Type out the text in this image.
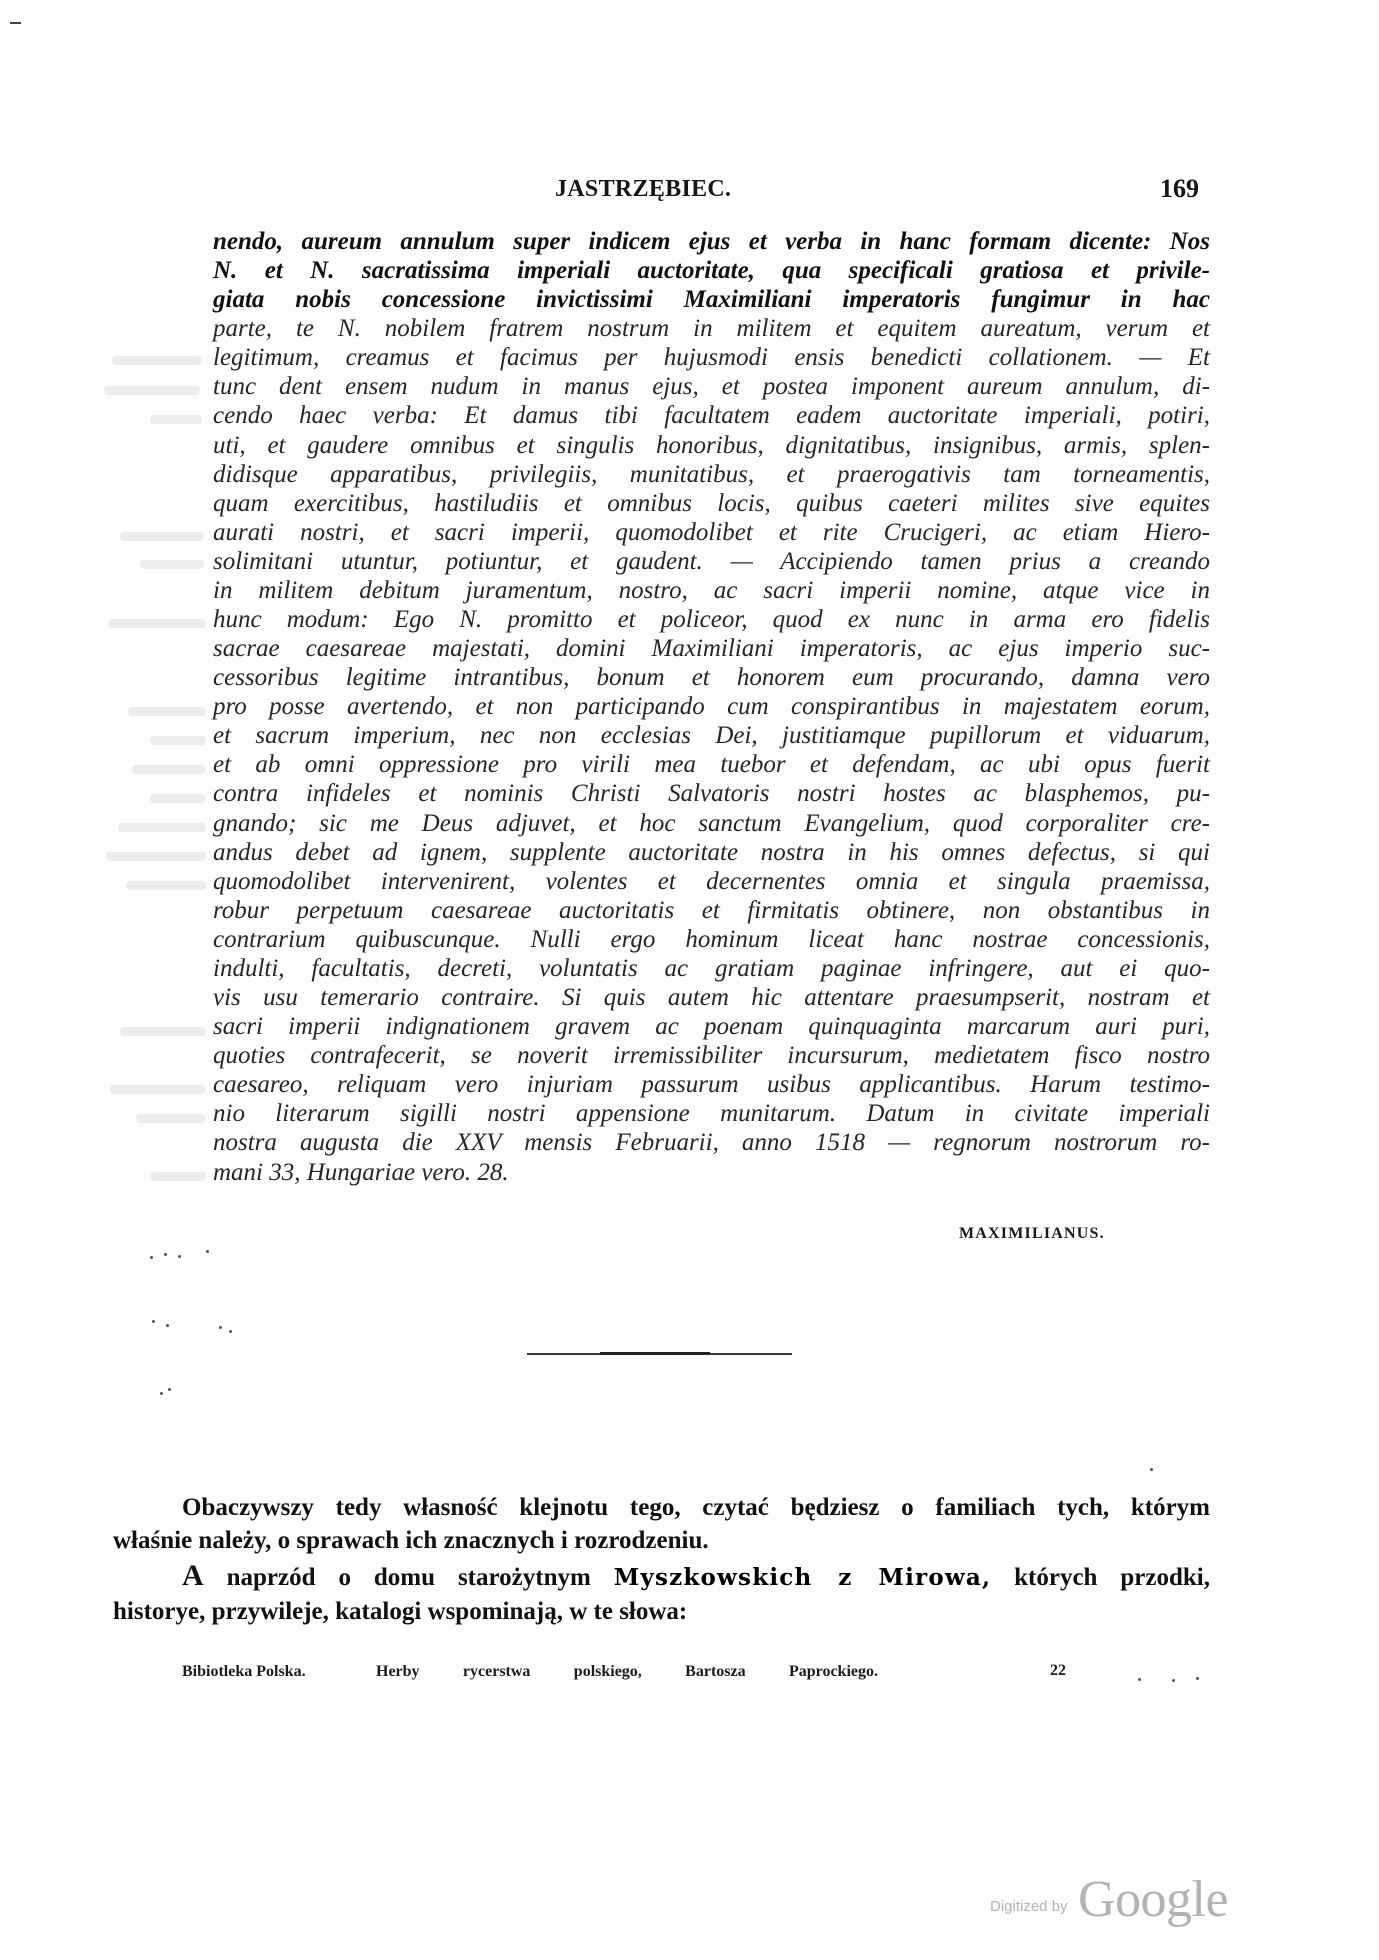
JASTRZĘBIEC.	169
nendo, aureum annulum super indicem ejus et verba in hanc formam dicente: Nos
N. et N. sacratissima imperiali auctoritate, qua specificali gratiosa et privile-
giata nobis concessione invictissimi Maximiliani imperatoris fungimur in hac
parte, te N. nobilem fratrem nostrum in militem et equitem aureatum, verum et
legitimum, creamus et facimus per hujusmodi ensis benedicti collationem. — Et
tunc dent ensem nudum in manus ejus, et postea imponent aureum annulum, di-
cendo haec verba: Et damus tibi facultatem eadem auctoritate imperiali, potiri,
uti, et gaudere omnibus et singulis honoribus, dignitatibus, insignibus, armis, splen-
didisque apparatibus, privilegiis, munitatibus, et praerogativis tam torneamentis,
quam exercitibus, hastiludiis et omnibus locis, quibus caeteri milites sive equites
aurati nostri, et sacri imperii, quomodolibet et rite Crucigeri, ac etiam Hiero-
solimitani utuntur, potiuntur, et gaudent. — Accipiendo tamen prius a creando
in militem debitum juramentum, nostro, ac sacri imperii nomine, atque vice in
hunc modum: Ego N. promitto et policeor, quod ex nunc in arma ero fidelis
sacrae caesareae majestati, domini Maximiliani imperatoris, ac ejus imperio suc-
cessoribus legitime intrantibus, bonum et honorem eum procurando, damna vero
pro posse avertendo, et non participando cum conspirantibus in majestatem eorum,
et sacrum imperium, nec non ecclesias Dei, justitiamque pupillorum et viduarum,
et ab omni oppressione pro virili mea tuebor et defendam, ac ubi opus fuerit
contra infideles et nominis Christi Salvatoris nostri hostes ac blasphemos, pu-
gnando; sic me Deus adjuvet, et hoc sanctum Evangelium, quod corporaliter cre-
andus debet ad ignem, supplente auctoritate nostra in his omnes defectus, si qui
quomodolibet intervenirent, volentes et decernentes omnia et singula praemissa,
robur perpetuum caesareae auctoritatis et firmitatis obtinere, non obstantibus in
contrarium quibuscunque. Nulli ergo hominum liceat hanc nostrae concessionis,
indulti, facultatis, decreti, voluntatis ac gratiam paginae infringere, aut ei quo-
vis usu temerario contraire. Si quis autem hic attentare praesumpserit, nostram et
sacri imperii indignationem gravem ac poenam quinquaginta marcarum auri puri,
quoties contrafecerit, se noverit irremissibiliter incursurum, medietatem fisco nostro
caesareo, reliquam vero injuriam passurum usibus applicantibus. Harum testimo-
nio literarum sigilli nostri appensione munitarum. Datum in civitate imperiali
nostra augusta die XXV mensis Februarii, anno 1518 — regnorum nostrorum ro-
mani 33, Hungariae vero. 28.
MAXIMILIANUS.
Obaczywszy tedy własność klejnotu tego, czytać będziesz o familiach tych, którym
właśnie należy, o sprawach ich znacznych i rozrodzeniu.
A naprzód o domu starożytnym Myszkowskich z Mirowa, których przodki,
historye, przywileje, katalogi wspominają, w te słowa:
Bibiotleka Polska.	Herby rycerstwa polskiego, Bartosza Paprockiego.	22
Digitized by Google
